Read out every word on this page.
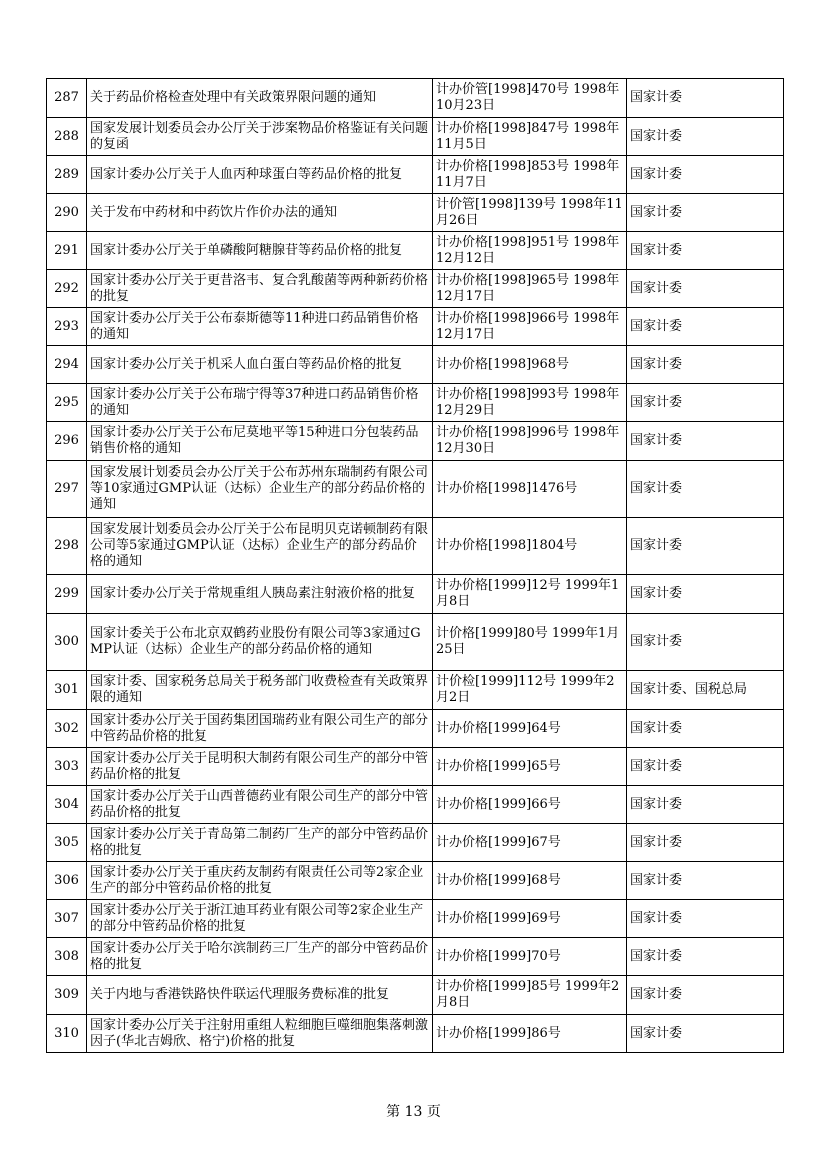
287	关于药品价格检查处理中有关政策界限问题的通知	计办价管[1998]470号 1998年10月23日	国家计委
288	国家发展计划委员会办公厅关于涉案物品价格鉴证有关问题的复函	计办价格[1998]847号 1998年11月5日	国家计委
289	国家计委办公厅关于人血丙种球蛋白等药品价格的批复	计办价格[1998]853号 1998年11月7日	国家计委
290	关于发布中药材和中药饮片作价办法的通知	计价管[1998]139号 1998年11月26日	国家计委
291	国家计委办公厅关于单磷酸阿糖腺苷等药品价格的批复	计办价格[1998]951号 1998年12月12日	国家计委
292	国家计委办公厅关于更昔洛韦、复合乳酸菌等两种新药价格的批复	计办价格[1998]965号 1998年12月17日	国家计委
293	国家计委办公厅关于公布泰斯德等11种进口药品销售价格的通知	计办价格[1998]966号 1998年12月17日	国家计委
294	国家计委办公厅关于机采人血白蛋白等药品价格的批复	计办价格[1998]968号	国家计委
295	国家计委办公厅关于公布瑞宁得等37种进口药品销售价格的通知	计办价格[1998]993号 1998年12月29日	国家计委
296	国家计委办公厅关于公布尼莫地平等15种进口分包装药品销售价格的通知	计办价格[1998]996号 1998年12月30日	国家计委
297	国家发展计划委员会办公厅关于公布苏州东瑞制药有限公司等10家通过GMP认证（达标）企业生产的部分药品价格的通知	计办价格[1998]1476号	国家计委
298	国家发展计划委员会办公厅关于公布昆明贝克诺顿制药有限公司等5家通过GMP认证（达标）企业生产的部分药品价格的通知	计办价格[1998]1804号	国家计委
299	国家计委办公厅关于常规重组人胰岛素注射液价格的批复	计办价格[1999]12号 1999年1月8日	国家计委
300	国家计委关于公布北京双鹤药业股份有限公司等3家通过GMP认证（达标）企业生产的部分药品价格的通知	计价格[1999]80号 1999年1月25日	国家计委
301	国家计委、国家税务总局关于税务部门收费检查有关政策界限的通知	计价检[1999]112号 1999年2月2日	国家计委、国税总局
302	国家计委办公厅关于国药集团国瑞药业有限公司生产的部分中管药品价格的批复	计办价格[1999]64号	国家计委
303	国家计委办公厅关于昆明积大制药有限公司生产的部分中管药品价格的批复	计办价格[1999]65号	国家计委
304	国家计委办公厅关于山西普德药业有限公司生产的部分中管药品价格的批复	计办价格[1999]66号	国家计委
305	国家计委办公厅关于青岛第二制药厂生产的部分中管药品价格的批复	计办价格[1999]67号	国家计委
306	国家计委办公厅关于重庆药友制药有限责任公司等2家企业生产的部分中管药品价格的批复	计办价格[1999]68号	国家计委
307	国家计委办公厅关于浙江迪耳药业有限公司等2家企业生产的部分中管药品价格的批复	计办价格[1999]69号	国家计委
308	国家计委办公厅关于哈尔滨制药三厂生产的部分中管药品价格的批复	计办价格[1999]70号	国家计委
309	关于内地与香港铁路快件联运代理服务费标准的批复	计办价格[1999]85号 1999年2月8日	国家计委
310	国家计委办公厅关于注射用重组人粒细胞巨噬细胞集落刺激因子(华北吉姆欣、格宁)价格的批复	计办价格[1999]86号	国家计委
第 13 页
